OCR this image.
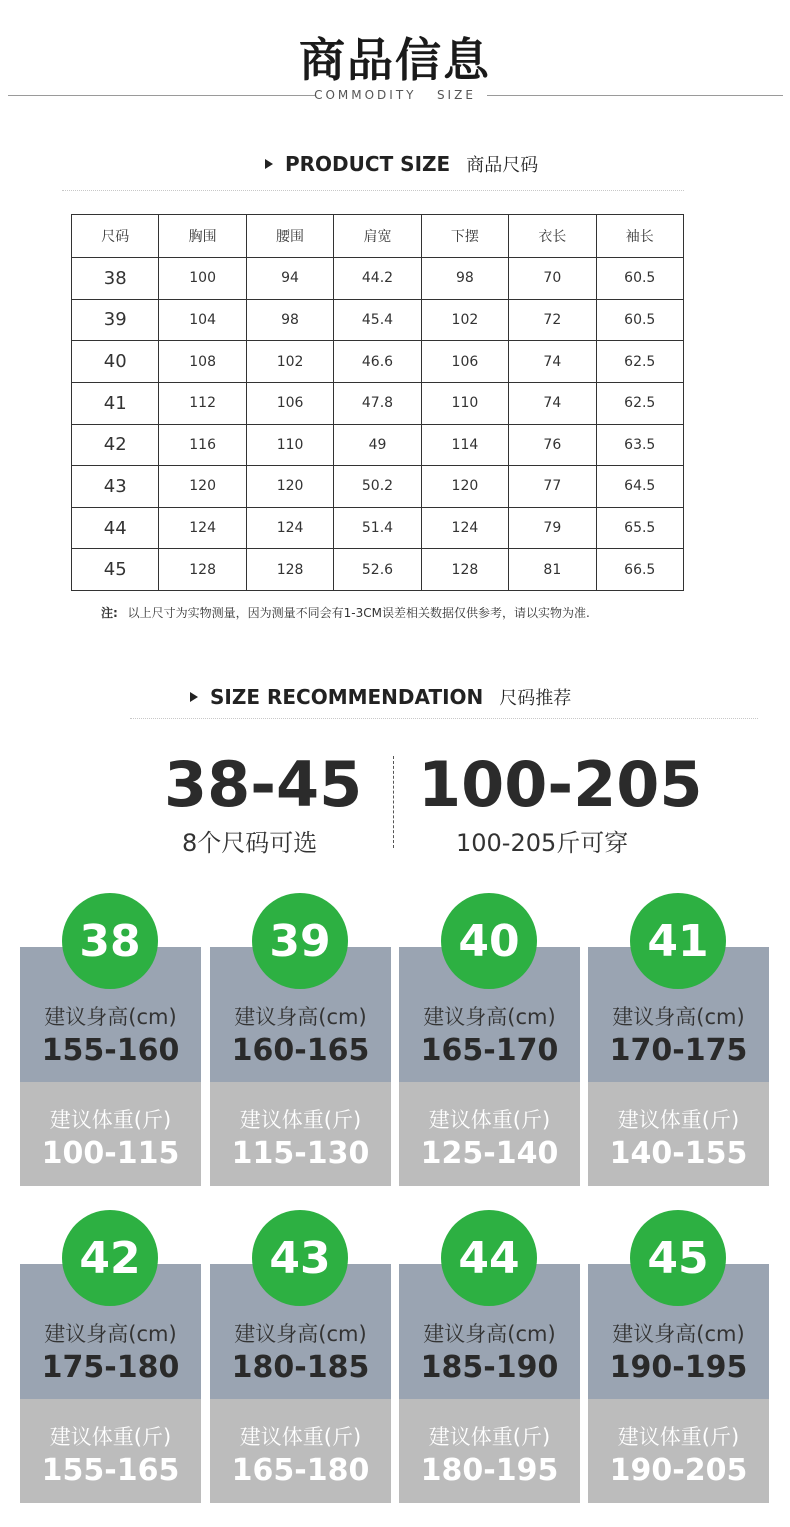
商品信息
COMMODITY   SIZE
PRODUCT SIZE 商品尺码
尺码	胸围	腰围	肩宽	下摆	衣长	袖长
38	100	94	44.2	98	70	60.5
39	104	98	45.4	102	72	60.5
40	108	102	46.6	106	74	62.5
41	112	106	47.8	110	74	62.5
42	116	110	49	114	76	63.5
43	120	120	50.2	120	77	64.5
44	124	124	51.4	124	79	65.5
45	128	128	52.6	128	81	66.5
注: 以上尺寸为实物测量，因为测量不同会有1-3CM误差相关数据仅供参考，请以实物为准.
SIZE RECOMMENDATION 尺码推荐
38-45
8个尺码可选
100-205
100-205斤可穿
建议身高(cm)
155-160
建议体重(斤)
100-115
38
建议身高(cm)
160-165
建议体重(斤)
115-130
39
建议身高(cm)
165-170
建议体重(斤)
125-140
40
建议身高(cm)
170-175
建议体重(斤)
140-155
41
建议身高(cm)
175-180
建议体重(斤)
155-165
42
建议身高(cm)
180-185
建议体重(斤)
165-180
43
建议身高(cm)
185-190
建议体重(斤)
180-195
44
建议身高(cm)
190-195
建议体重(斤)
190-205
45
